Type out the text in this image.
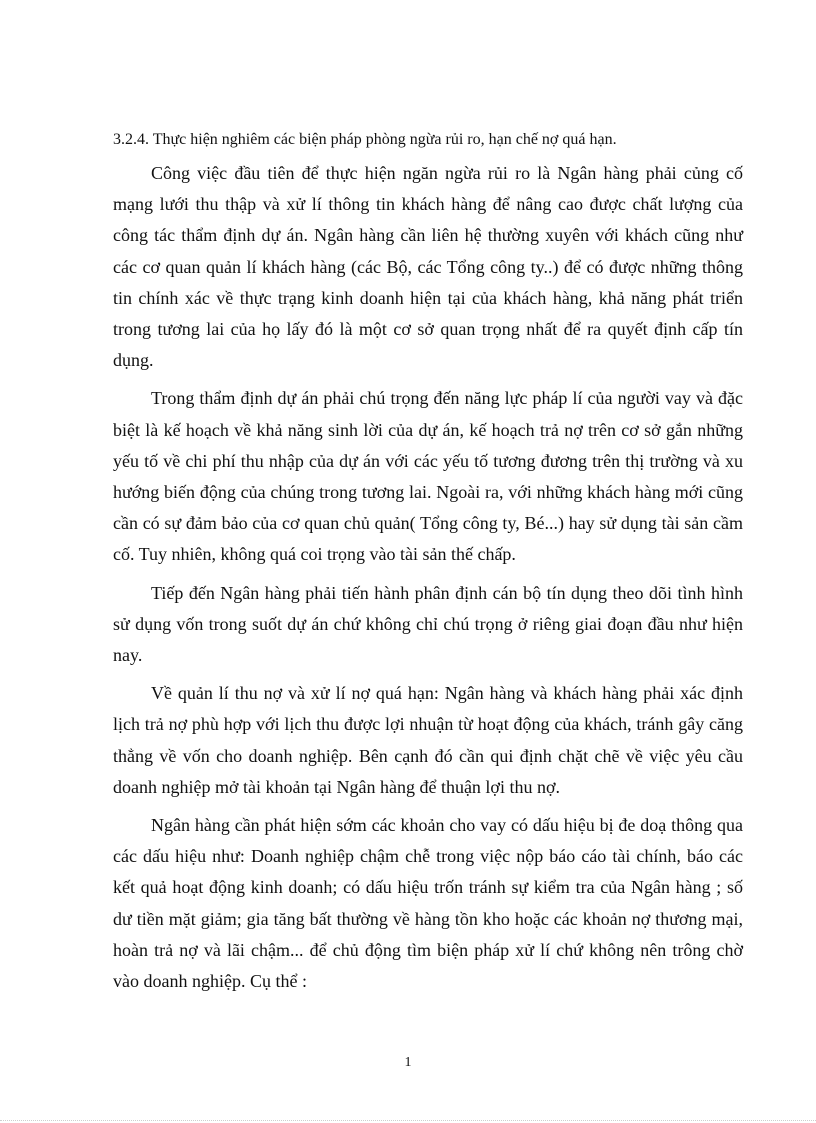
3.2.4. Thực hiện nghiêm các biện pháp phòng ngừa rủi ro, hạn chế nợ quá hạn.

Công việc đầu tiên để thực hiện ngăn ngừa rủi ro là Ngân hàng phải củng cố mạng lưới thu thập và xử lí thông tin khách hàng để nâng cao được chất lượng của công tác thẩm định dự án. Ngân hàng cần liên hệ thường xuyên với khách cũng như các cơ quan quản lí khách hàng (các Bộ, các Tổng công ty..) để có được những thông tin chính xác về thực trạng kinh doanh hiện tại của khách hàng, khả năng phát triển trong tương lai của họ lấy đó là một cơ sở quan trọng nhất để ra quyết định cấp tín dụng.

Trong thẩm định dự án phải chú trọng đến năng lực pháp lí của người vay và đặc biệt là kế hoạch về khả năng sinh lời của dự án, kế hoạch trả nợ trên cơ sở gắn những yếu tố về chi phí thu nhập của dự án với các yếu tố tương đương trên thị trường và xu hướng biến động của chúng trong tương lai. Ngoài ra, với những khách hàng mới cũng cần có sự đảm bảo của cơ quan chủ quản( Tổng công ty, Bé...) hay sử dụng tài sản cầm cố. Tuy nhiên, không quá coi trọng vào tài sản thế chấp.

Tiếp đến Ngân hàng phải tiến hành phân định cán bộ tín dụng theo dõi tình hình sử dụng vốn trong suốt dự án chứ không chỉ chú trọng ở riêng giai đoạn đầu như hiện nay.

Về quản lí thu nợ và xử lí nợ quá hạn: Ngân hàng và khách hàng phải xác định lịch trả nợ phù hợp với lịch thu được lợi nhuận từ hoạt động của khách, tránh gây căng thẳng về vốn cho doanh nghiệp. Bên cạnh đó cần qui định chặt chẽ về việc yêu cầu doanh nghiệp mở tài khoản tại Ngân hàng để thuận lợi thu nợ.

Ngân hàng cần phát hiện sớm các khoản cho vay có dấu hiệu bị đe doạ thông qua các dấu hiệu như: Doanh nghiệp chậm chễ trong việc nộp báo cáo tài chính, báo các kết quả hoạt động kinh doanh; có dấu hiệu trốn tránh sự kiểm tra của Ngân hàng ; số dư tiền mặt giảm; gia tăng bất thường về hàng tồn kho hoặc các khoản nợ thương mại, hoàn trả nợ và lãi chậm... để chủ động tìm biện pháp xử lí chứ không nên trông chờ vào doanh nghiệp. Cụ thể :

1
